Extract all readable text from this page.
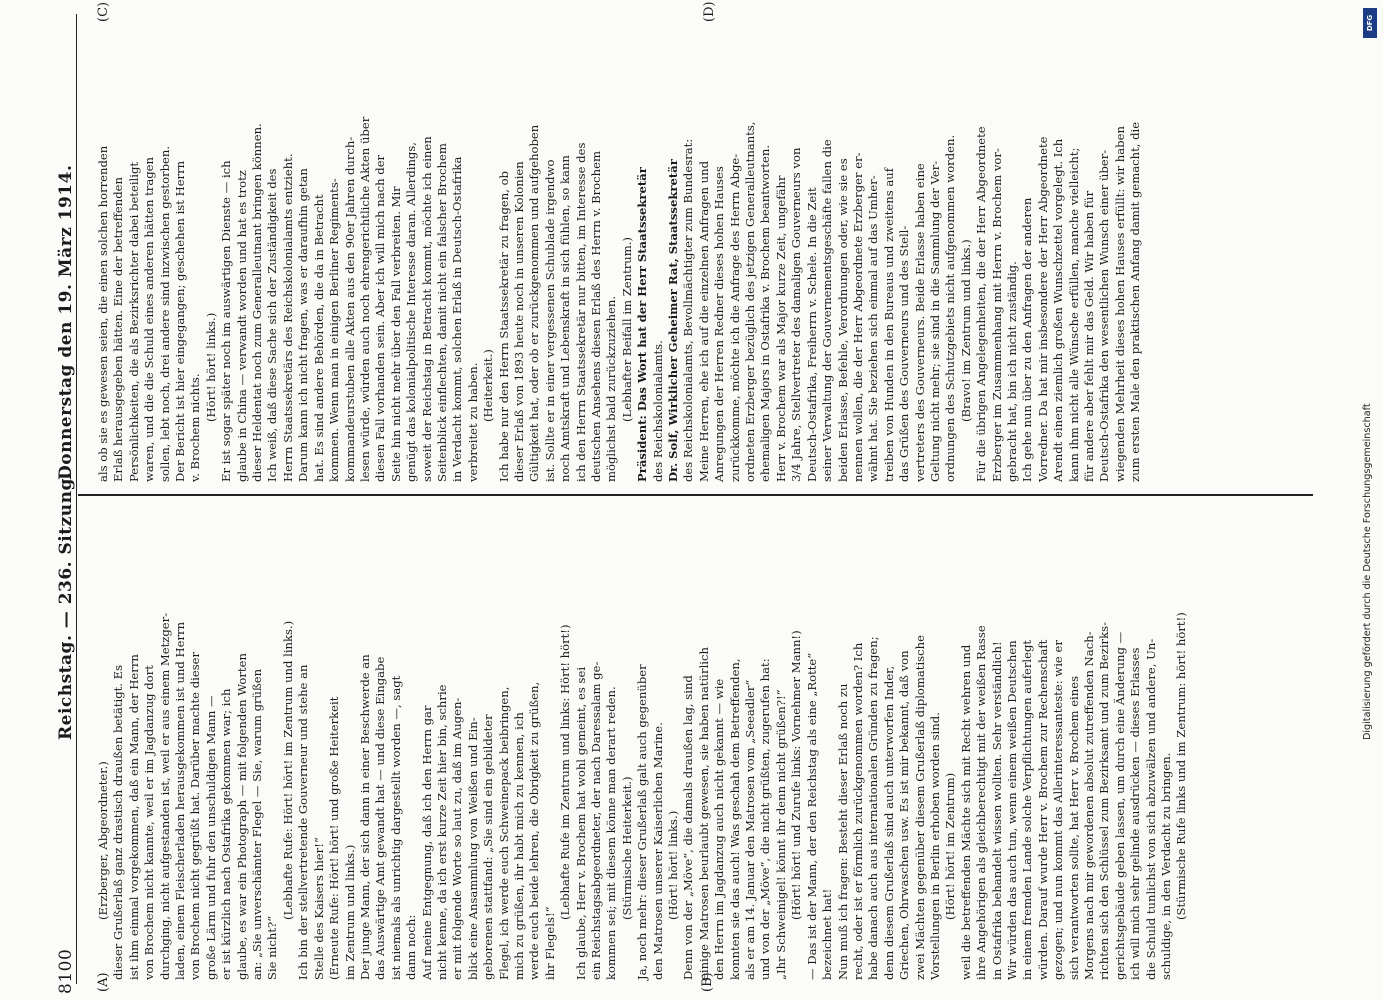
8100
Reichstag. — 236. Sitzung.
Donnerstag den 19. März 1914.
(A)	(B)
(C)	(D)
(Erzberger, Abgeordneter.) dieser Grußerlaß ganz drastisch draußen betätigt. Es ist ihm einmal vorgekommen, daß ein Mann, der Herrn von Brochem nicht kannte, weil er im Jagdanzug dort durchging, nicht aufgestanden ist, weil er aus einem Metzger- laden, einem Fleischerladen herausgekommen ist und Herrn von Brochem nicht gegrüßt hat. Darüber machte dieser große Lärm und fuhr den unschuldigen Mann — er ist kürzlich nach Ostafrika gekommen war; ich glaube, es war ein Photograph — mit folgenden Worten an: „Sie unverschämter Flegel — Sie, warum grüßen Sie nicht?“
(Lebhafte Rufe: Hört! hört! im Zentrum und links.) Ich bin der stellvertretende Gouverneur und stehe an Stelle des Kaisers hier!“ (Erneute Rufe: Hört! hört! und große Heiterkeit im Zentrum und links.) Der junge Mann, der sich dann in einer Beschwerde an das Auswärtige Amt gewandt hat — und diese Eingabe ist niemals als unrichtig dargestellt worden —, sagt dann noch: Auf meine Entgegnung, daß ich den Herrn gar nicht kenne, da ich erst kurze Zeit hier bin, schrie er mit folgende Worte so laut zu, daß im Augen- blick eine Ansammlung von Weißen und Ein- geborenen stattfand: „Sie sind ein gebildeter Flegel, ich werde euch Schweinepack beibringen, mich zu grüßen, ihr habt mich zu kennen, ich werde euch beide lehren, die Obrigkeit zu grüßen, ihr Flegels!“
(Lebhafte Rufe im Zentrum und links: Hört! hört!) Ich glaube, Herr v. Brochem hat wohl gemeint, es sei ein Reichstagsabgeordneter, der nach Daressalam ge- kommen sei; mit diesem könne man derart reden. (Stürmische Heiterkeit.) Ja, noch mehr: dieser Grußerlaß galt auch gegenüber den Matrosen unserer Kaiserlichen Marine. (Hört! hört! links.) Denn von der „Möve“, die damals draußen lag, sind einige Matrosen beurlaubt gewesen, sie haben natürlich den Herrn im Jagdanzug auch nicht gekannt — wie konnten sie das auch! Was geschah dem Betreffenden, als er am 14. Januar den Matrosen vom „Seeadler“ und von der „Möve“, die nicht grüßten, zugerufen hat: „Ihr Schweinigel! könnt ihr denn nicht grüßen?!“ (Hört! hört! und Zurufe links: Vornehmer Mann!) — Das ist der Mann, der den Reichstag als eine „Rotte“ bezeichnet hat! Nun muß ich fragen: Besteht dieser Erlaß noch zu recht, oder ist er förmlich zurückgenommen worden? Ich habe danach auch aus internationalen Gründen zu fragen; denn diesem Grußerlaß sind auch unterworfen Inder, Griechen, Ohrwaschen usw. Es ist mir bekannt, daß von zwei Mächten gegenüber diesem Grußerlaß diplomatische Vorstellungen in Berlin erhoben worden sind. (Hört! hört! im Zentrum) weil die betreffenden Mächte sich mit Recht wehren und ihre Angehörigen als gleichberechtigt mit der weißen Rasse in Ostafrika behandelt wissen wollten. Sehr verständlich! Wir würden das auch tun, wenn einem weißen Deutschen in einem fremden Lande solche Verpflichtungen auferlegt würden. Darauf wurde Herr v. Brochem zur Rechenschaft gezogen; und nun kommt das Allerinteressanteste: wie er sich verantworten sollte, hat Herr v. Brochem eines Morgens nach mir gewordenen absolut zutreffenden Nach- richten sich den Schlüssel zum Bezirksamt und zum Bezirks- gerichtsgebäude geben lassen, um durch eine Änderung — ich will mich sehr gelinde ausdrücken — dieses Erlasses die Schuld tunlichst von sich abzuwälzen und andere, Un- schuldige, in den Verdacht zu bringen. (Stürmische Rufe links und im Zentrum: hört! hört!)
als ob sie es gewesen seien, die einen solchen horrenden Erlaß herausgegeben hätten. Eine der betreffenden Persönlichkeiten, die als Bezirksrichter dabei beteiligt waren, und die die Schuld eines anderen hätten tragen sollen, lebt noch, drei andere sind inzwischen gestorben. Der Bericht ist hier eingegangen; geschehen ist Herrn v. Brochem nichts.
(Hört! hört! links.) Er ist sogar später noch im auswärtigen Dienste — ich glaube in China — verwandt worden und hat es trotz dieser Heldentat noch zum Generalleutnant bringen können. Ich weiß, daß diese Sache sich der Zuständigkeit des Herrn Staatssekretärs des Reichskolonialamts entzieht. Darum kann ich nicht fragen, was er daraufhin getan hat. Es sind andere Behörden, die da in Betracht kommen. Wenn man in einigen Berliner Regiments- kommandeurstuben alle Akten aus den 90er Jahren durch- lesen würde, würden auch noch ehrengerichtliche Akten über diesen Fall vorhanden sein. Aber ich will mich nach der Seite hin nicht mehr über den Fall verbreiten. Mir genügt das kolonialpolitische Interesse daran. Allerdings, soweit der Reichstag in Betracht kommt, möchte ich einen Seitenblick einflechten, damit nicht ein falscher Brochem in Verdacht kommt, solchen Erlaß in Deutsch-Ostafrika verbreitet zu haben. (Heiterkeit.) Ich habe nur den Herrn Staatssekretär zu fragen, ob dieser Erlaß von 1893 heute noch in unseren Kolonien Gültigkeit hat, oder ob er zurückgenommen und aufgehoben ist. Sollte er in einer vergessenen Schublade irgendwo noch Amtskraft und Lebenskraft in sich fühlen, so kann ich den Herrn Staatssekretär nur bitten, im Interesse des deutschen Ansehens diesen Erlaß des Herrn v. Brochem möglichst bald zurückzuziehen. (Lebhafter Beifall im Zentrum.) Präsident: Das Wort hat der Herr Staatssekretär des Reichskolonialamts. Dr. Solf, Wirklicher Geheimer Rat, Staatssekretär des Reichskolonialamts, Bevollmächtigter zum Bundesrat: Meine Herren, ehe ich auf die einzelnen Anfragen und Anregungen der Herren Redner dieses hohen Hauses zurückkomme, möchte ich die Anfrage des Herrn Abge- ordneten Erzberger bezüglich des jetzigen Generalleutnants, ehemaligen Majors in Ostafrika v. Brochem beantworten. Herr v. Brochem war als Major kurze Zeit, ungefähr 3/4 Jahre, Stellvertreter des damaligen Gouverneurs von Deutsch-Ostafrika, Freiherrn v. Schele. In die Zeit seiner Verwaltung der Gouvernementsgeschäfte fallen die beiden Erlasse, Befehle, Verordnungen oder, wie sie es nennen wollen, die der Herr Abgeordnete Erzberger er- wähnt hat. Sie beziehen sich einmal auf das Umher- treiben von Hunden in den Bureaus und zweitens auf das Grüßen des Gouverneurs und des Stell- vertreters des Gouverneurs. Beide Erlasse haben eine Geltung nicht mehr; sie sind in die Sammlung der Ver- ordnungen des Schutzgebiets nicht aufgenommen worden. (Bravo! im Zentrum und links.) Für die übrigen Angelegenheiten, die der Herr Abgeordnete Erzberger im Zusammenhang mit Herrn v. Brochem vor- gebracht hat, bin ich nicht zuständig. Ich gehe nun über zu den Anfragen der anderen Vorredner. Da hat mir insbesondere der Herr Abgeordnete Arendt einen ziemlich großen Wunschzettel vorgelegt. Ich kann ihm nicht alle Wünsche erfüllen, manche vielleicht; für andere aber fehlt mir das Geld. Wir haben für Deutsch-Ostafrika den wesentlichen Wunsch einer über- wiegenden Mehrheit dieses hohen Hauses erfüllt: wir haben zum ersten Male den praktischen Anfang damit gemacht, die
Digitalisierung gefördert durch die Deutsche Forschungsgemeinschaft
DFG
